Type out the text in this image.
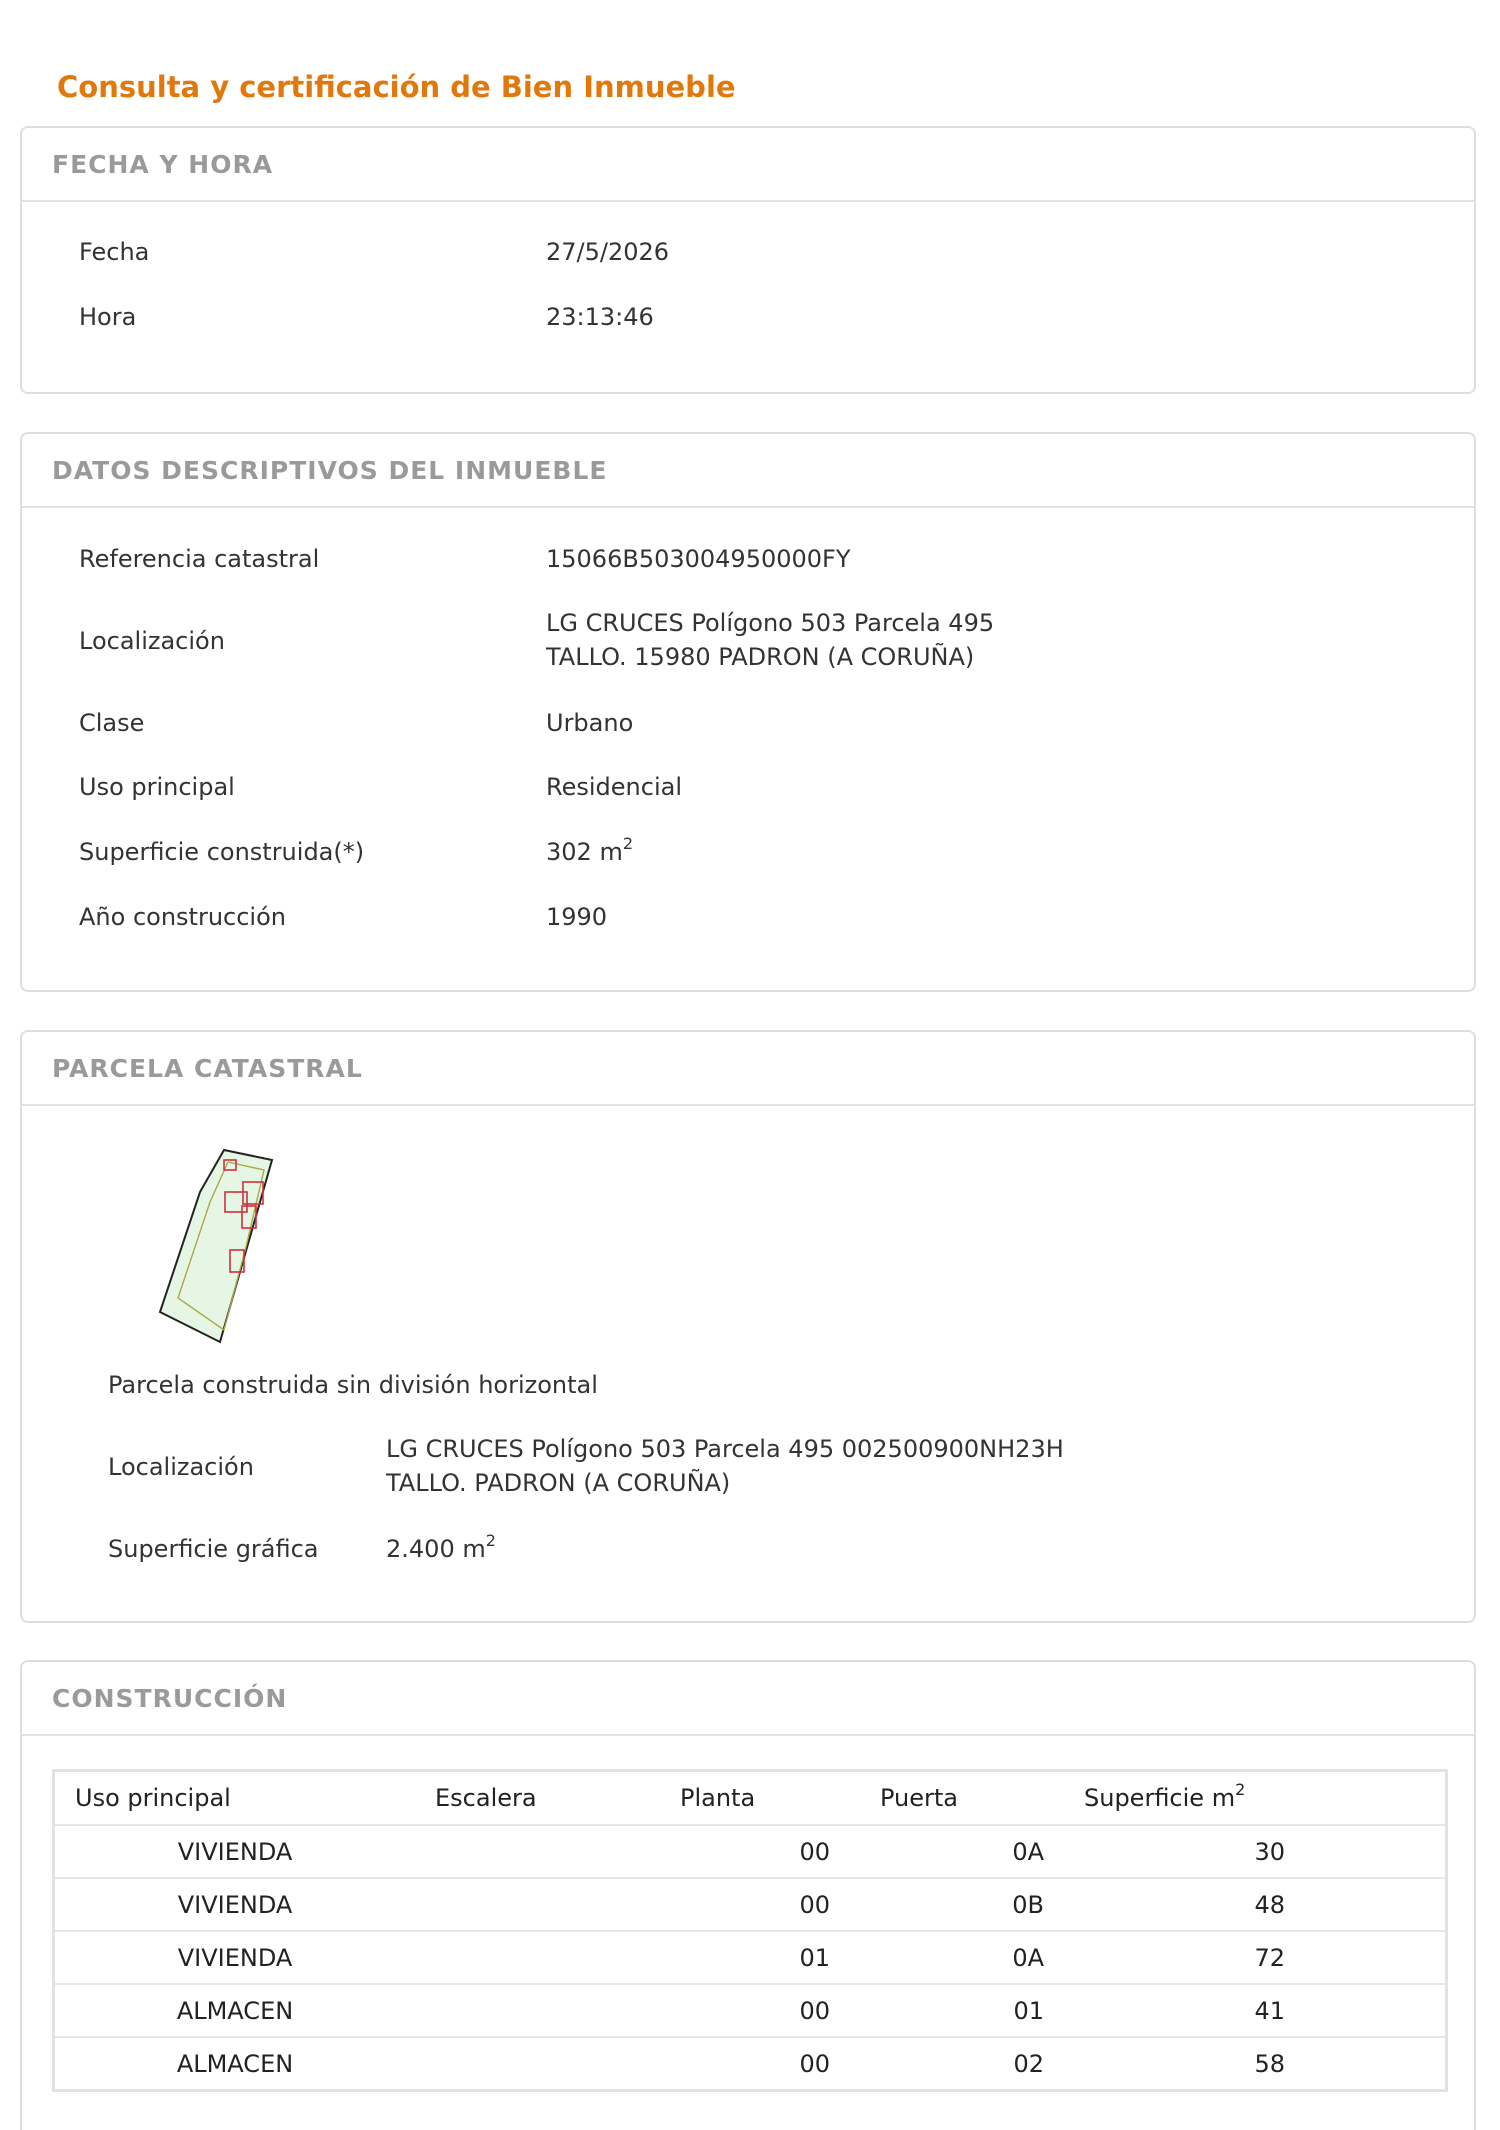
Consulta y certificación de Bien Inmueble
FECHA Y HORA
Fecha	27/5/2026
Hora	23:13:46
DATOS DESCRIPTIVOS DEL INMUEBLE
Referencia catastral	15066B503004950000FY
Localización
LG CRUCES Polígono 503 Parcela 495
TALLO. 15980 PADRON (A CORUÑA)
Clase	Urbano
Uso principal	Residencial
Superficie construida(*)	302 $m^2$
Año construcción	1990
PARCELA CATASTRAL
Parcela construida sin división horizontal
Localización
LG CRUCES Polígono 503 Parcela 495 002500900NH23H
TALLO. PADRON (A CORUÑA)
Superficie gráfica	2.400 $m^2$
CONSTRUCCIÓN
Uso principal	Escalera	Planta	Puerta	Superficie $m^2$
VIVIENDA		00	0A	30
VIVIENDA		00	0B	48
VIVIENDA		01	0A	72
ALMACEN		00	01	41
ALMACEN		00	02	58
